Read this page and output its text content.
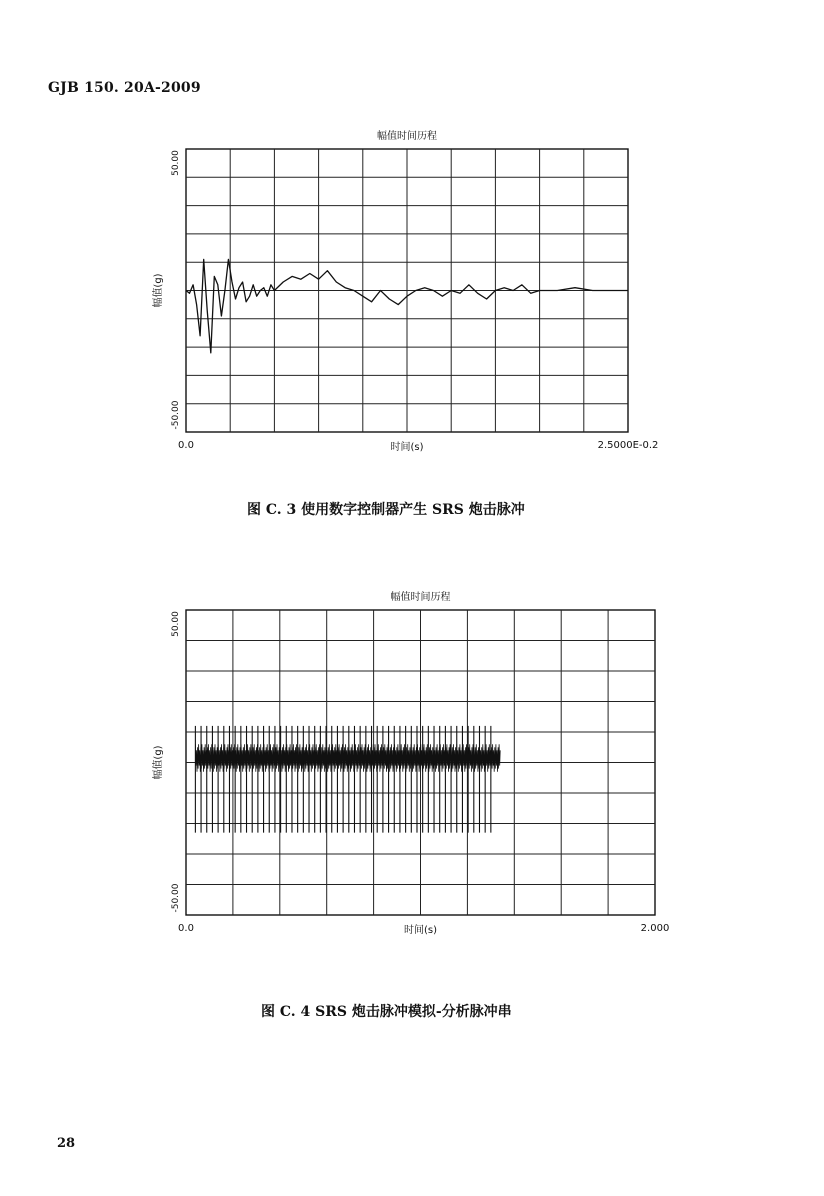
GJB 150. 20A-2009
幅值时间历程
时间(s)
0.0	2.5000E-0.2
幅值(g)
50.00
-50.00
图 C. 3 使用数字控制器产生 SRS 炮击脉冲
幅值时间历程
时间(s)
0.0	2.000
幅值(g)
50.00
-50.00
图 C. 4 SRS 炮击脉冲模拟-分析脉冲串
28
